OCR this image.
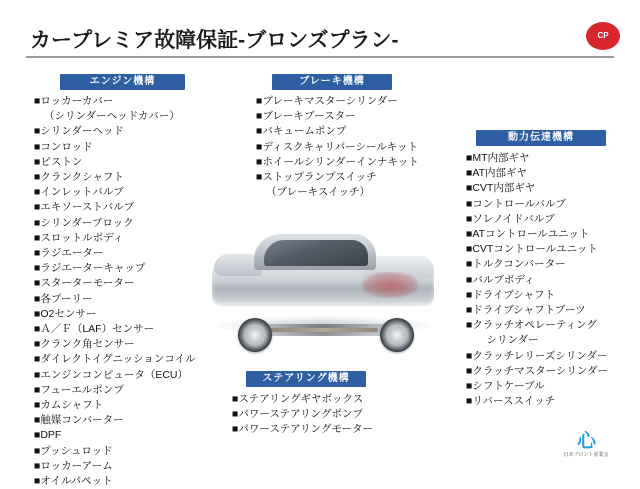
カープレミア故障保証-ブロンズプラン-	CP
エンジン機構
■ロッカーカバー
（シリンダーヘッドカバー）
■シリンダーヘッド
■コンロッド
■ピストン
■クランクシャフト
■インレットバルブ
■エキソーストバルブ
■シリンダーブロック
■スロットルボディ
■ラジエーター
■ラジエーターキャップ
■スターターモーター
■各プーリー
■O2センサー
■Ａ／Ｆ（LAF）センサー
■クランク角センサー
■ダイレクトイグニッションコイル
■エンジンコンピュータ（ECU）
■フューエルポンプ
■カムシャフト
■触媒コンバーター
■DPF
■プッシュロッド
■ロッカーアーム
■オイルパペット
ブレーキ機構
■ブレーキマスターシリンダー
■ブレーキブースター
■バキュームポンプ
■ディスクキャリパーシールキット
■ホイールシリンダーインナキット
■ストップランプスイッチ
（ブレーキスイッチ）
動力伝達機構
■MT内部ギヤ
■AT内部ギヤ
■CVT内部ギヤ
■コントロールバルブ
■ソレノイドバルブ
■ATコントロールユニット
■CVTコントロールユニット
■トルクコンバーター
■バルブボディ
■ドライブシャフト
■ドライブシャフトブーツ
■クラッチオペレーティング
　シリンダー
■クラッチレリーズシリンダー
■クラッチマスターシリンダー
■シフトケーブル
■リバーススイッチ
ステアリング機構
■ステアリングギヤボックス
■パワーステアリングポンプ
■パワーステアリングモーター
心
日本プロント産業会
